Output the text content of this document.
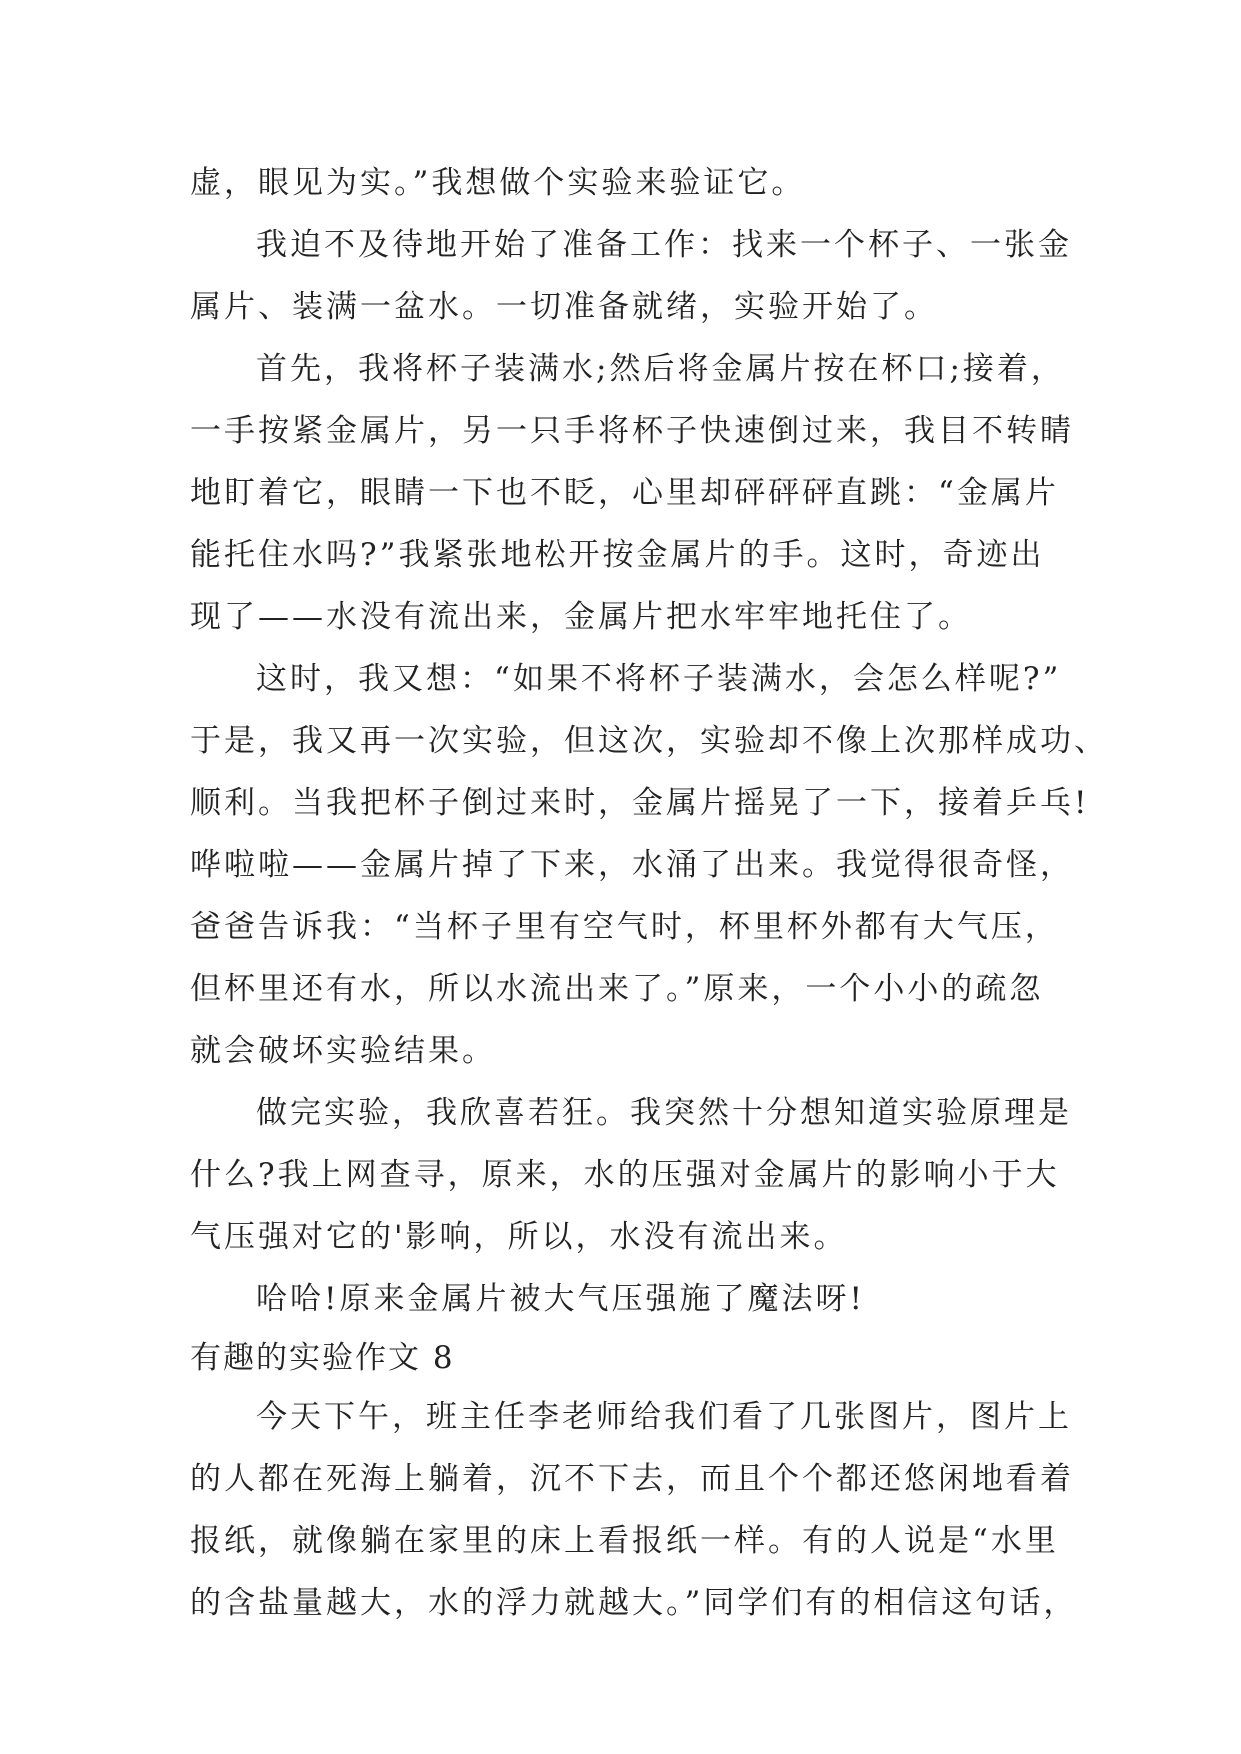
虚，眼见为实。”我想做个实验来验证它。
我迫不及待地开始了准备工作：找来一个杯子、一张金
属片、装满一盆水。一切准备就绪，实验开始了。
首先，我将杯子装满水;然后将金属片按在杯口;接着，
一手按紧金属片，另一只手将杯子快速倒过来，我目不转睛
地盯着它，眼睛一下也不眨，心里却砰砰砰直跳：“金属片
能托住水吗?”我紧张地松开按金属片的手。这时，奇迹出
现了——水没有流出来，金属片把水牢牢地托住了。
这时，我又想：“如果不将杯子装满水，会怎么样呢?”
于是，我又再一次实验，但这次，实验却不像上次那样成功、
顺利。当我把杯子倒过来时，金属片摇晃了一下，接着乒乓!
哗啦啦——金属片掉了下来，水涌了出来。我觉得很奇怪，
爸爸告诉我：“当杯子里有空气时，杯里杯外都有大气压，
但杯里还有水，所以水流出来了。”原来，一个小小的疏忽
就会破坏实验结果。
做完实验，我欣喜若狂。我突然十分想知道实验原理是
什么?我上网查寻，原来，水的压强对金属片的影响小于大
气压强对它的'影响，所以，水没有流出来。
哈哈!原来金属片被大气压强施了魔法呀!
有趣的实验作文 8
今天下午，班主任李老师给我们看了几张图片，图片上
的人都在死海上躺着，沉不下去，而且个个都还悠闲地看着
报纸，就像躺在家里的床上看报纸一样。有的人说是“水里
的含盐量越大，水的浮力就越大。”同学们有的相信这句话，
